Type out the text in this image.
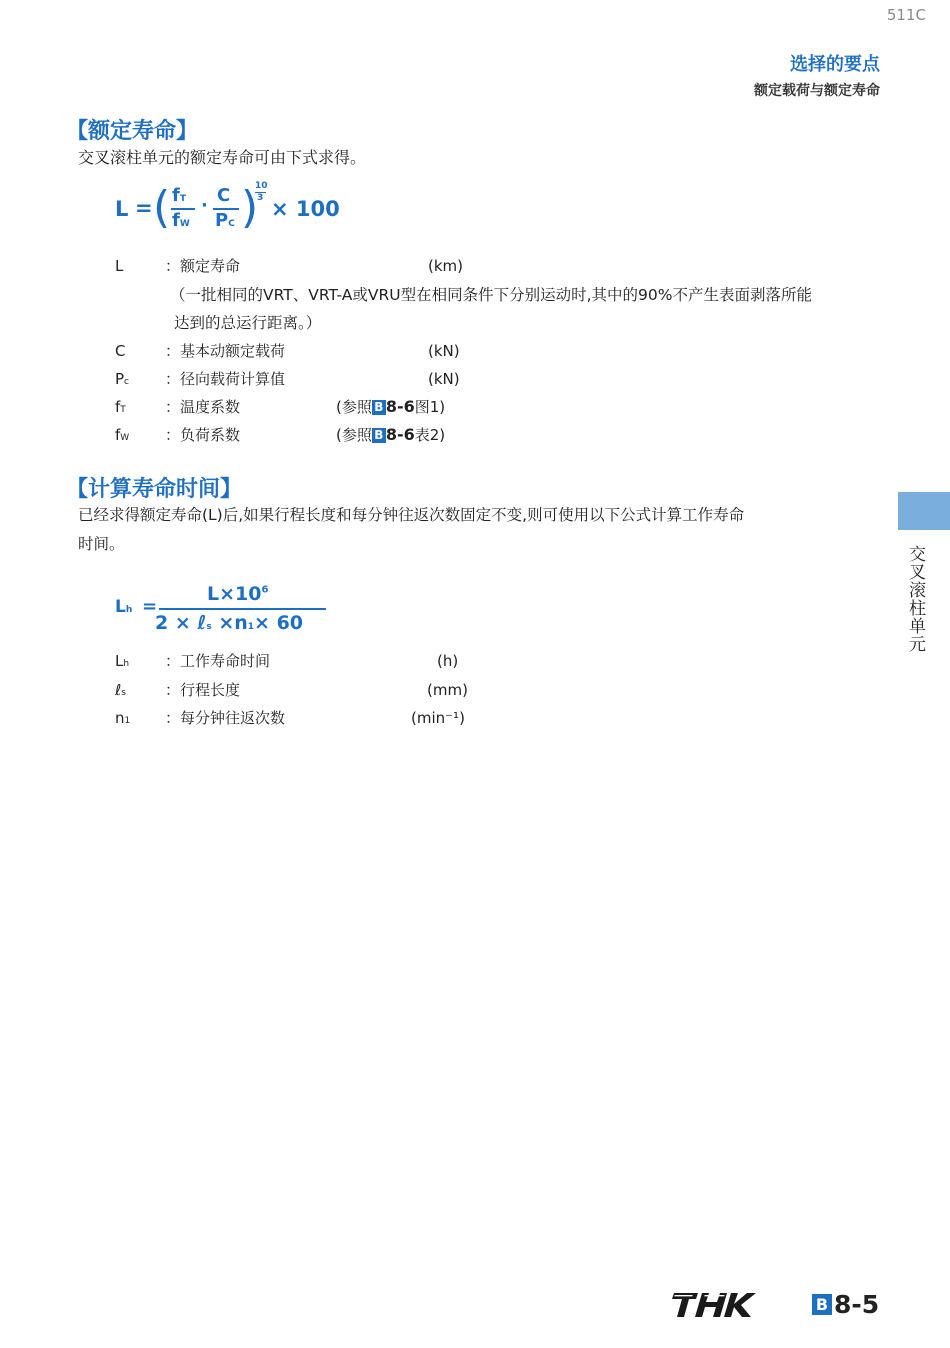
511C
选择的要点
额定载荷与额定寿命
【额定寿命】
交叉滚柱单元的额定寿命可由下式求得。
L = ( fT
fW
· C
PC )
10
3 × 100
L	：额定寿命	(km)
（一批相同的VRT、VRT-A或VRU型在相同条件下分别运动时,其中的90%不产生表面剥落所能
达到的总运行距离。）
C	：基本动额定载荷	(kN)
Pc	：径向载荷计算值	(kN)
fT	：温度系数	(参照 B 8-6图1)
fW	：负荷系数	(参照 B 8-6表2)
【计算寿命时间】
已经求得额定寿命(L)后,如果行程长度和每分钟往返次数固定不变,则可使用以下公式计算工作寿命
时间。
Lh =
$L\times 10^6$
2 × ℓs ×n1× 60
Lh	：工作寿命时间	(h)
ℓs	：行程长度	(mm)
n1	：每分钟往返次数	(min⁻¹)
交叉滚柱单元
B 8-5
